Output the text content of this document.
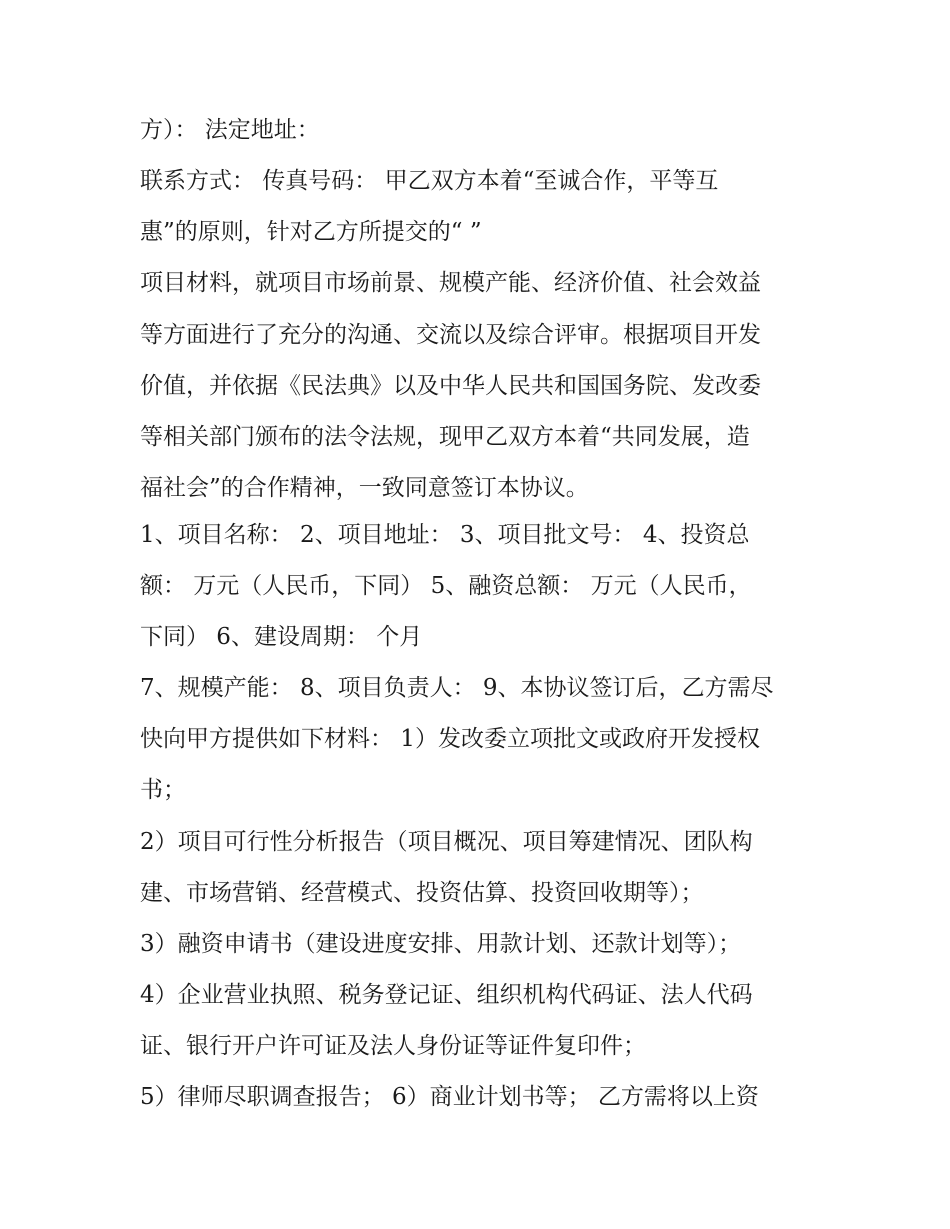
方）： 法定地址：
联系方式： 传真号码： 甲乙双方本着“至诚合作，平等互
惠”的原则，针对乙方所提交的“ ”
项目材料，就项目市场前景、规模产能、经济价值、社会效益
等方面进行了充分的沟通、交流以及综合评审。根据项目开发
价值，并依据《民法典》以及中华人民共和国国务院、发改委
等相关部门颁布的法令法规，现甲乙双方本着“共同发展，造
福社会”的合作精神，一致同意签订本协议。
1、项目名称： 2、项目地址： 3、项目批文号： 4、投资总
额： 万元（人民币，下同） 5、融资总额： 万元（人民币，
下同） 6、建设周期： 个月
7、规模产能： 8、项目负责人： 9、本协议签订后，乙方需尽
快向甲方提供如下材料： 1）发改委立项批文或政府开发授权
书；
2）项目可行性分析报告（项目概况、项目筹建情况、团队构
建、市场营销、经营模式、投资估算、投资回收期等）；
3）融资申请书（建设进度安排、用款计划、还款计划等）；
4）企业营业执照、税务登记证、组织机构代码证、法人代码
证、银行开户许可证及法人身份证等证件复印件；
5）律师尽职调查报告； 6）商业计划书等； 乙方需将以上资
